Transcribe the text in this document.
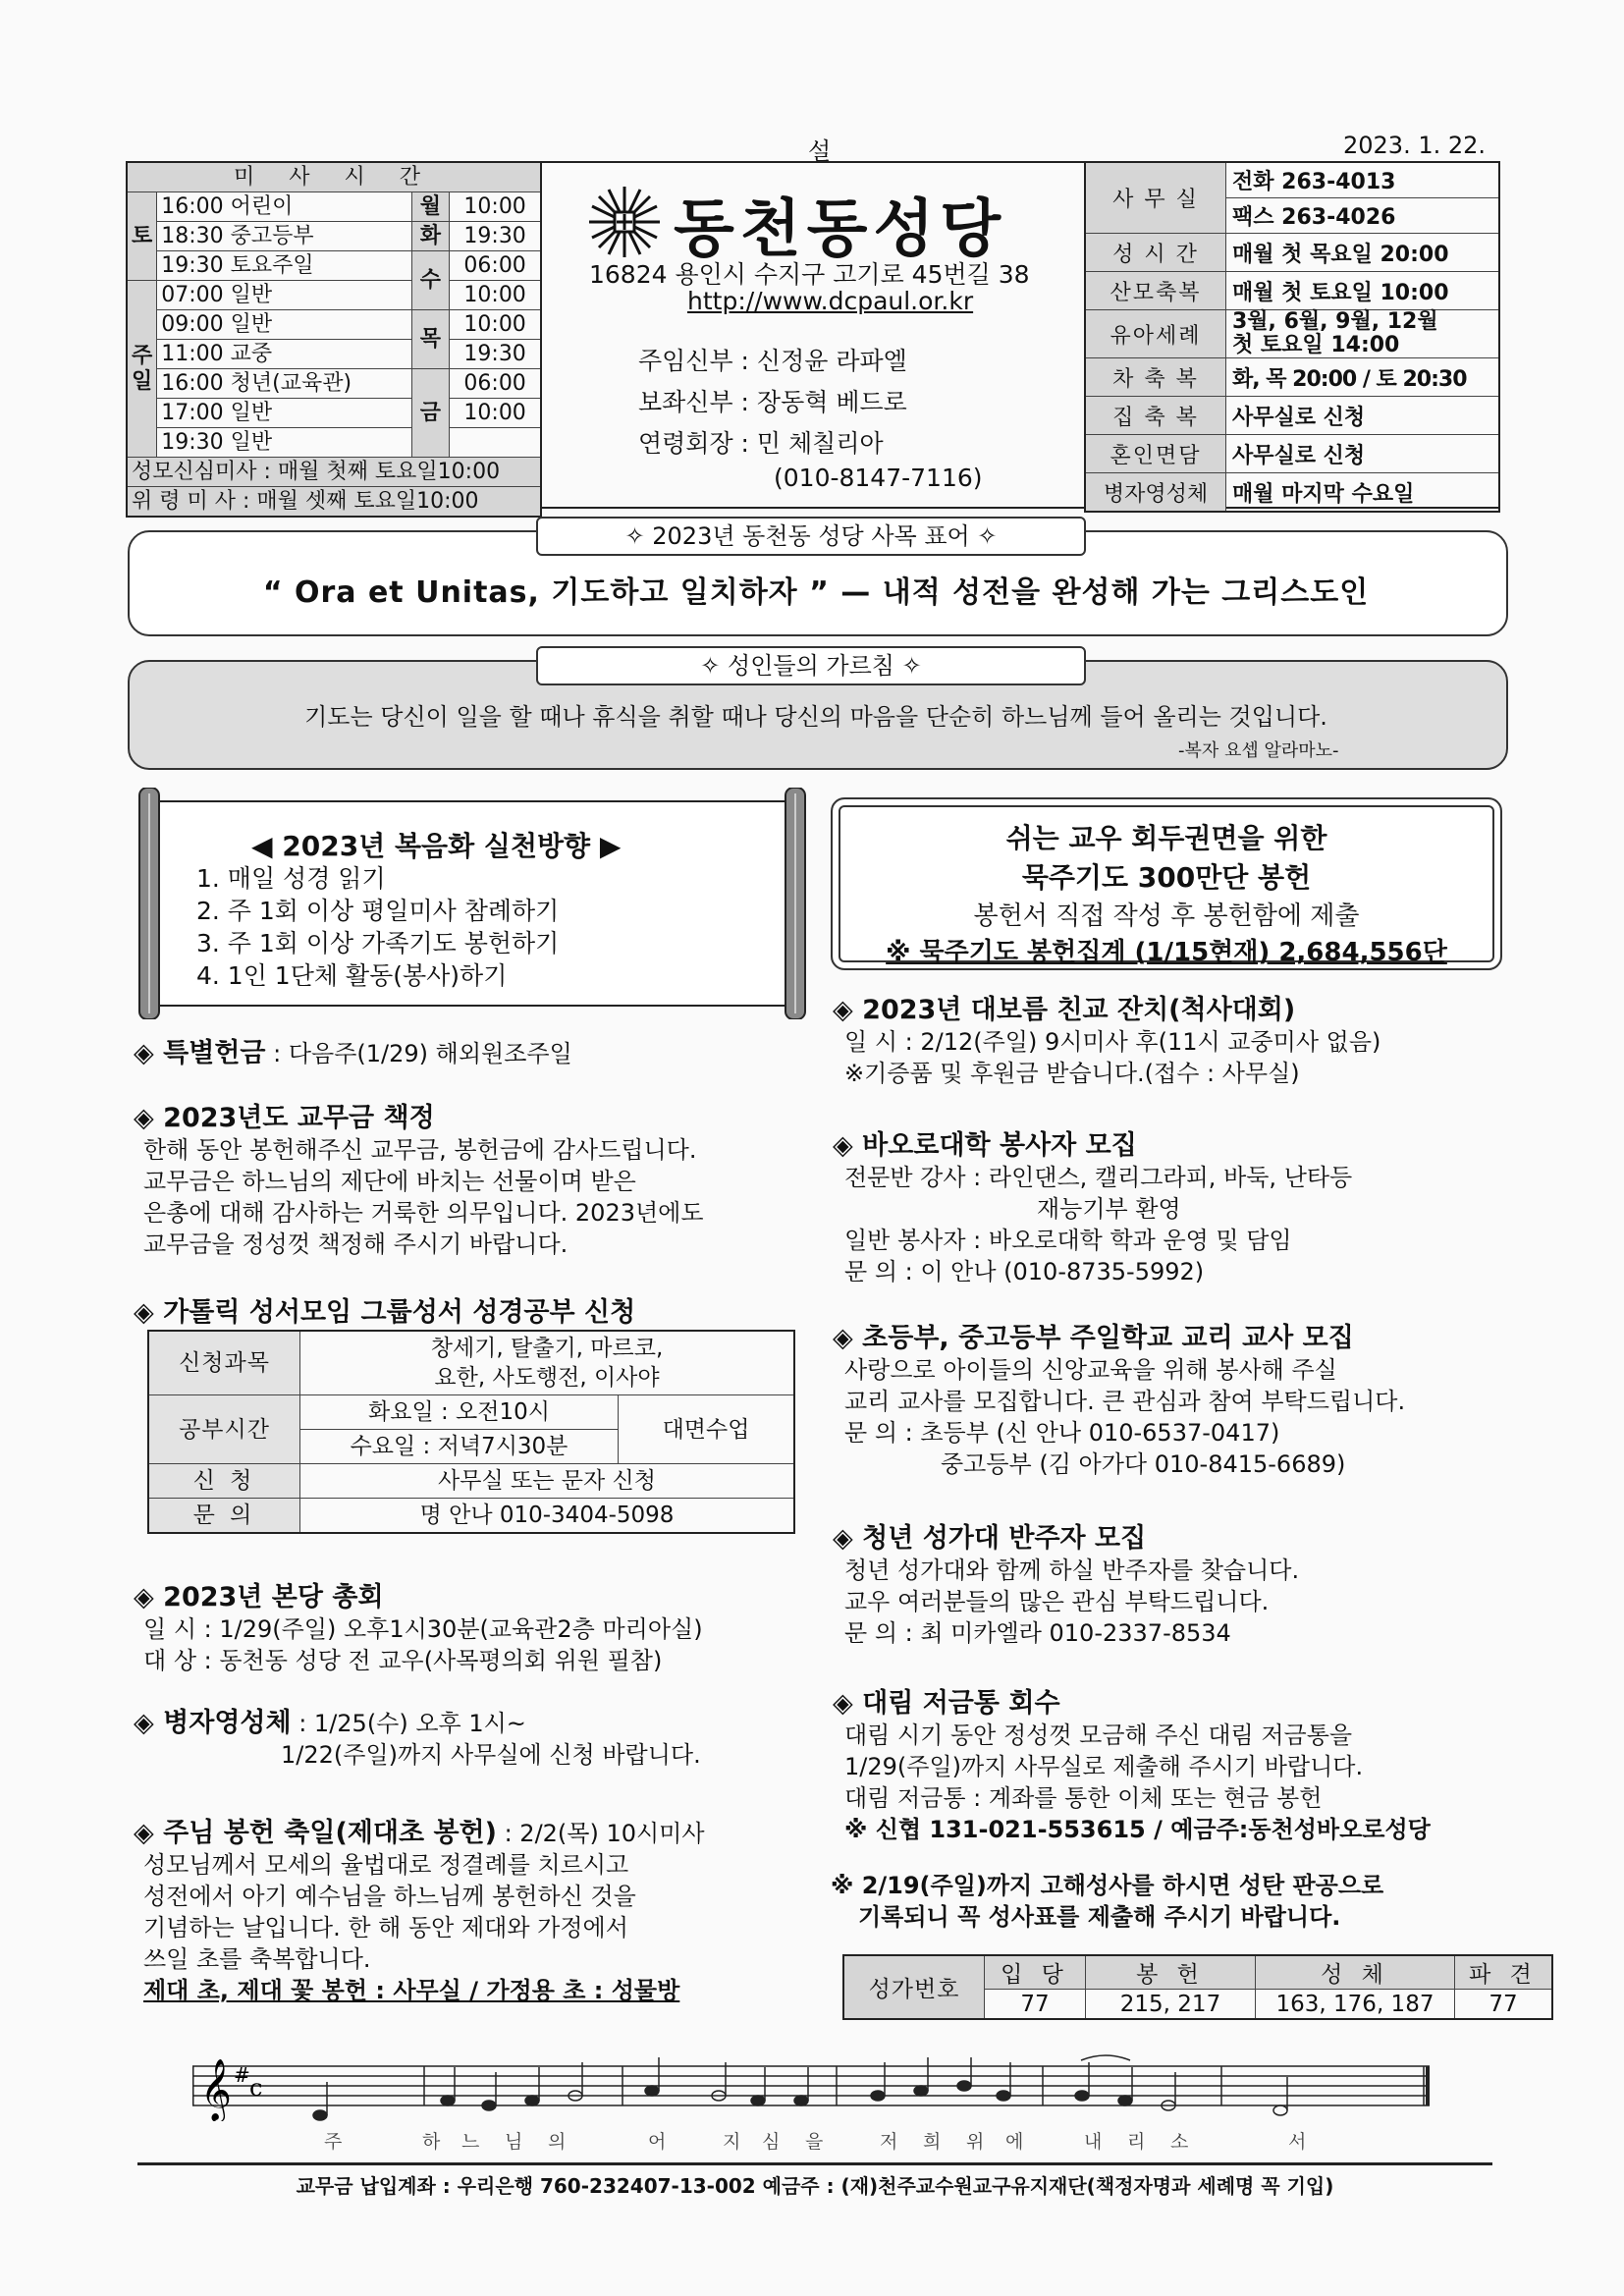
설	2023. 1. 22.
미 사 시 간			
토	16:00 어린이	월	10:00
	18:30 중고등부	화	19:30
	19:30 토요주일	수	06:00
주일	07:00 일반		10:00
	09:00 일반	목	10:00
	11:00 교중		19:30
	16:00 청년(교육관)	금	06:00
	17:00 일반		10:00
	19:30 일반		
성모신심미사 : 매월 첫째 토요일10:00			
위 령 미 사 : 매월 셋째 토요일10:00			
동천동성당
16824 용인시 수지구 고기로 45번길 38
http://www.dcpaul.or.kr
주임신부 : 신정윤 라파엘
보좌신부 : 장동혁 베드로
연령회장 : 민 체칠리아
(010-8147-7116)
사 무 실	전화 263-4013
	팩스 263-4026
성 시 간	매월 첫 목요일 20:00
산모축복	매월 첫 토요일 10:00
유아세례	3월, 6월, 9월, 12월
	첫 토요일 14:00
차 축 복	화, 목 20:00 / 토 20:30
집 축 복	사무실로 신청
혼인면담	사무실로 신청
병자영성체	매월 마지막 수요일
✧ 2023년 동천동 성당 사목 표어 ✧
“ Ora et Unitas, 기도하고 일치하자 ” — 내적 성전을 완성해 가는 그리스도인
✧ 성인들의 가르침 ✧
기도는 당신이 일을 할 때나 휴식을 취할 때나 당신의 마음을 단순히 하느님께 들어 올리는 것입니다.
-복자 요셉 알라마노-
◀ 2023년 복음화 실천방향 ▶
1. 매일 성경 읽기
2. 주 1회 이상 평일미사 참례하기
3. 주 1회 이상 가족기도 봉헌하기
4. 1인 1단체 활동(봉사)하기
쉬는 교우 회두권면을 위한
묵주기도 300만단 봉헌
봉헌서 직접 작성 후 봉헌함에 제출
※ 묵주기도 봉헌집계 (1/15현재) 2,684,556단
◈ 특별헌금 : 다음주(1/29) 해외원조주일
◈ 2023년도 교무금 책정
한해 동안 봉헌해주신 교무금, 봉헌금에 감사드립니다.
교무금은 하느님의 제단에 바치는 선물이며 받은
은총에 대해 감사하는 거룩한 의무입니다. 2023년에도
교무금을 정성껏 책정해 주시기 바랍니다.
◈ 가톨릭 성서모임 그룹성서 성경공부 신청
신청과목	창세기, 탈출기, 마르코,
요한, 사도행전, 이사야	

공부시간	화요일 : 오전10시	대면수업
	수요일 : 저녁7시30분	
신 청	사무실 또는 문자 신청	
문 의	명 안나 010-3404-5098	
◈ 2023년 본당 총회
일 시 : 1/29(주일) 오후1시30분(교육관2층 마리아실)
대 상 : 동천동 성당 전 교우(사목평의회 위원 필참)
◈ 병자영성체 : 1/25(수) 오후 1시~
1/22(주일)까지 사무실에 신청 바랍니다.
◈ 주님 봉헌 축일(제대초 봉헌) : 2/2(목) 10시미사
성모님께서 모세의 율법대로 정결례를 치르시고
성전에서 아기 예수님을 하느님께 봉헌하신 것을
기념하는 날입니다. 한 해 동안 제대와 가정에서
쓰일 초를 축복합니다.
제대 초, 제대 꽃 봉헌 : 사무실 / 가정용 초 : 성물방
◈ 2023년 대보름 친교 잔치(척사대회)
일 시 : 2/12(주일) 9시미사 후(11시 교중미사 없음)
※기증품 및 후원금 받습니다.(접수 : 사무실)
◈ 바오로대학 봉사자 모집
전문반 강사 : 라인댄스, 캘리그라피, 바둑, 난타등
재능기부 환영
일반 봉사자 : 바오로대학 학과 운영 및 담임
문 의 : 이 안나 (010-8735-5992)
◈ 초등부, 중고등부 주일학교 교리 교사 모집
사랑으로 아이들의 신앙교육을 위해 봉사해 주실
교리 교사를 모집합니다. 큰 관심과 참여 부탁드립니다.
문 의 : 초등부 (신 안나 010-6537-0417)
중고등부 (김 아가다 010-8415-6689)
◈ 청년 성가대 반주자 모집
청년 성가대와 함께 하실 반주자를 찾습니다.
교우 여러분들의 많은 관심 부탁드립니다.
문 의 : 최 미카엘라 010-2337-8534
◈ 대림 저금통 회수
대림 시기 동안 정성껏 모금해 주신 대림 저금통을
1/29(주일)까지 사무실로 제출해 주시기 바랍니다.
대림 저금통 : 계좌를 통한 이체 또는 현금 봉헌
※ 신협 131-021-553615 / 예금주:동천성바오로성당
※ 2/19(주일)까지 고해성사를 하시면 성탄 판공으로
기록되니 꼭 성사표를 제출해 주시기 바랍니다.
성가번호	입 당	봉 헌	성 체	파 견
	77	215, 217	163, 176, 187	77
𝄞 # c
주	하 느 님 의	어	지 심 을	저 희 위 에	내 리 소	서
교무금 납입계좌 : 우리은행 760-232407-13-002 예금주 : (재)천주교수원교구유지재단(책정자명과 세례명 꼭 기입)
